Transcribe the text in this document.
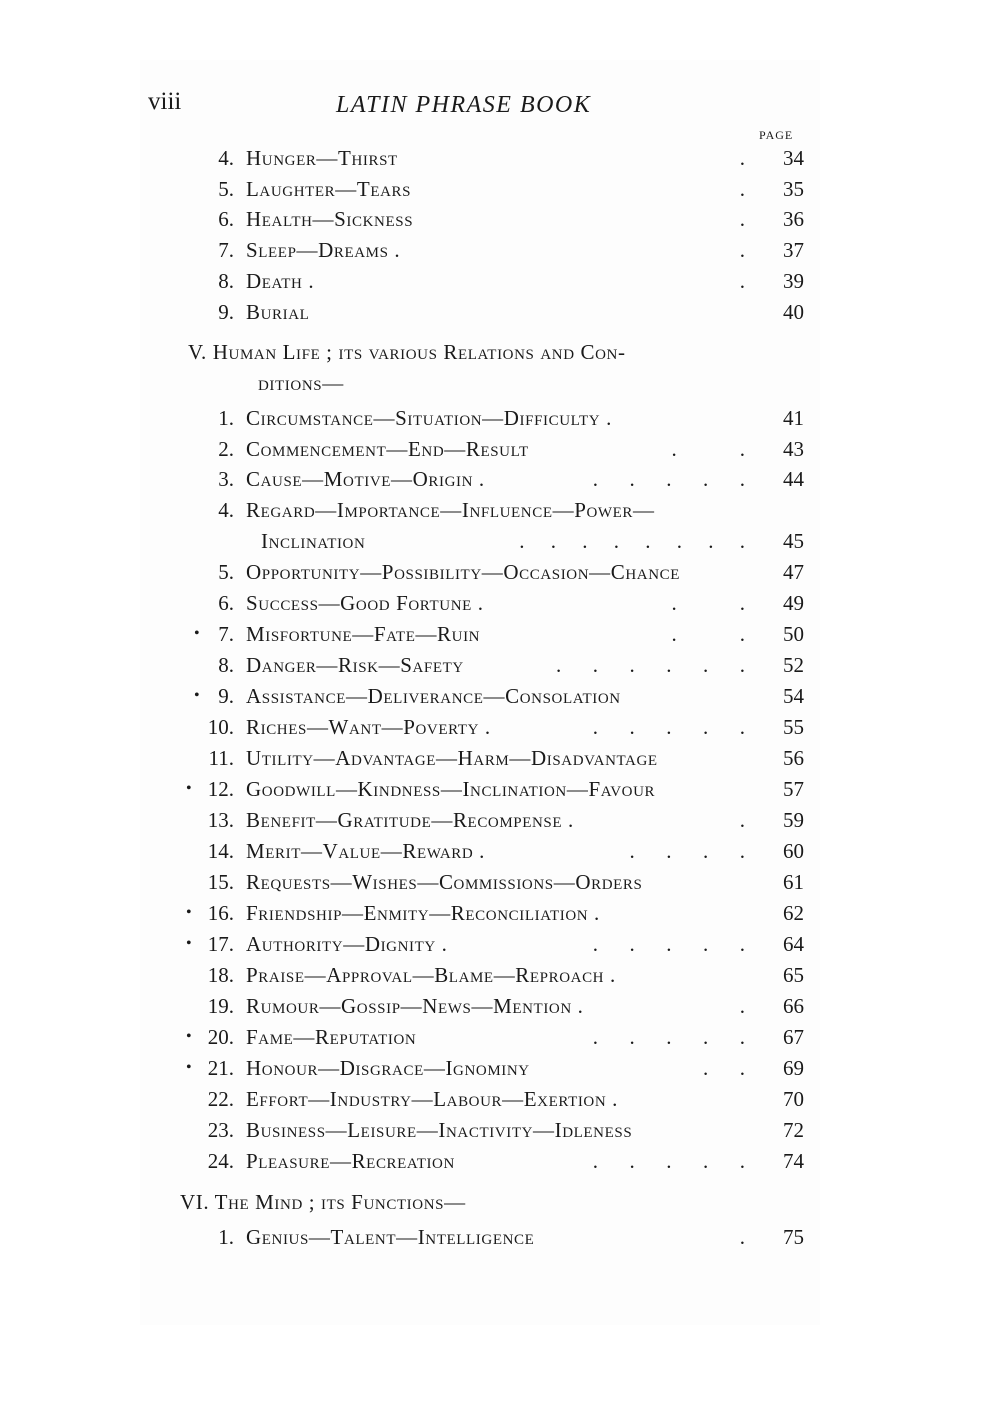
viii	LATIN PHRASE BOOK
PAGE
4. Hunger—Thirst	.	34
5. Laughter—Tears	.	35
6. Health—Sickness	.	36
7. Sleep—Dreams .	.	37
8. Death .	.	39
9. Burial	40
V. Human Life ; its various Relations and Con-
ditions—
1. Circumstance—Situation—Difficulty .	41
2. Commencement—End—Result	.            .	43
3. Cause—Motive—Origin .	.      .      .      .      .	44
4. Regard—Importance—Influence—Power—
Inclination	.     .     .     .     .     .     .     .	45
5. Opportunity—Possibility—Occasion—Chance	47
6. Success—Good Fortune .	.            .	49
• 7. Misfortune—Fate—Ruin	.            .	50
8. Danger—Risk—Safety	.      .      .      .      .      .	52
• 9. Assistance—Deliverance—Consolation	54
10. Riches—Want—Poverty .	.      .      .      .      .	55
11. Utility—Advantage—Harm—Disadvantage	56
• 12. Goodwill—Kindness—Inclination—Favour	57
13. Benefit—Gratitude—Recompense .	.	59
14. Merit—Value—Reward .	.      .      .      .	60
15. Requests—Wishes—Commissions—Orders	61
• 16. Friendship—Enmity—Reconciliation .	62
• 17. Authority—Dignity .	.      .      .      .      .	64
18. Praise—Approval—Blame—Reproach .	65
19. Rumour—Gossip—News—Mention .	.	66
• 20. Fame—Reputation	.      .      .      .      .	67
• 21. Honour—Disgrace—Ignominy	.      .	69
22. Effort—Industry—Labour—Exertion .	70
23. Business—Leisure—Inactivity—Idleness	72
24. Pleasure—Recreation	.      .      .      .      .	74
VI. The Mind ; its Functions—
1. Genius—Talent—Intelligence	.	75
